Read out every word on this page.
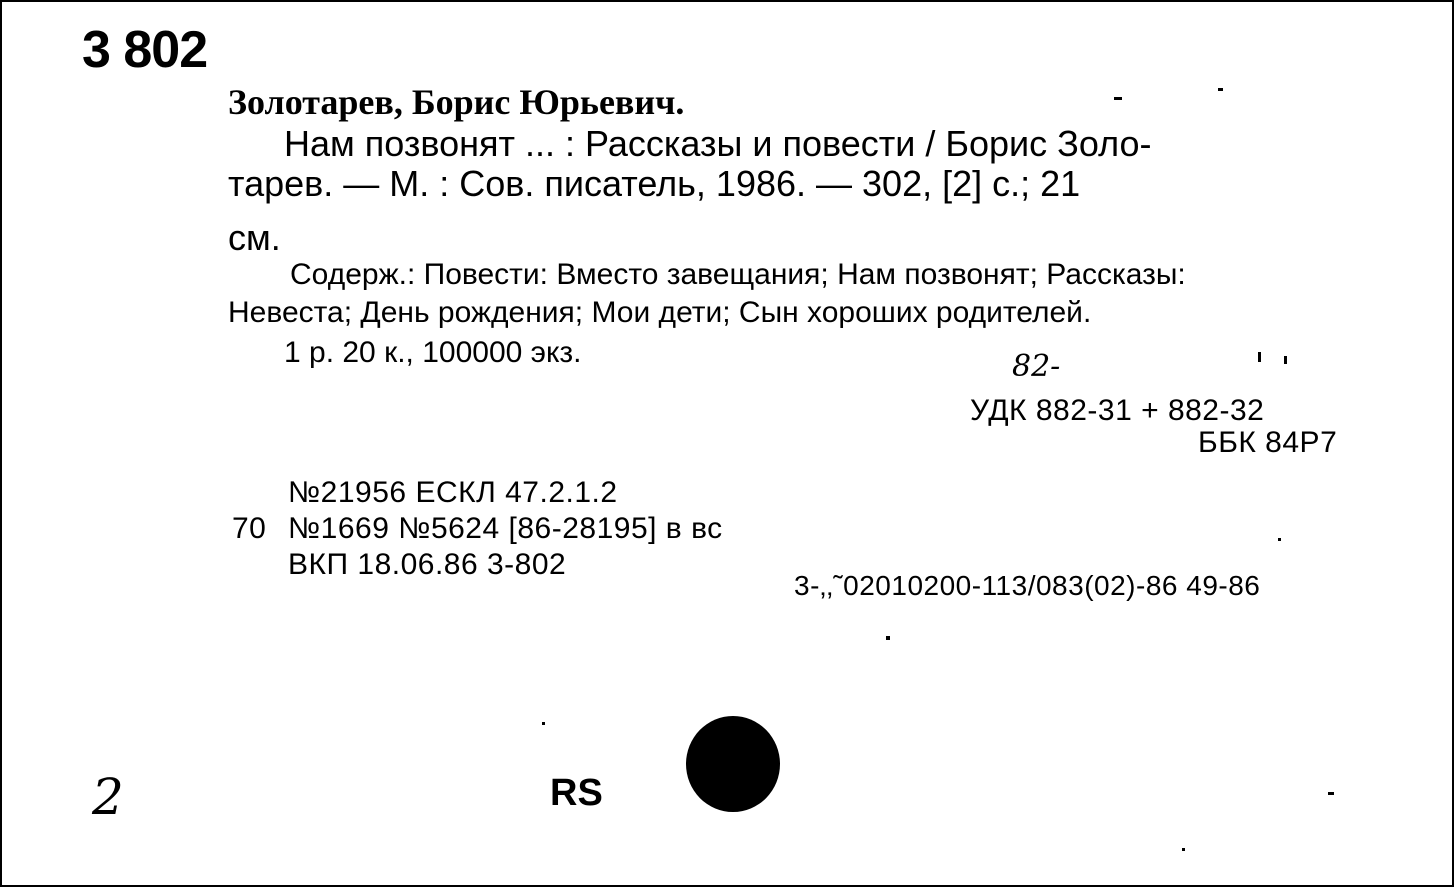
3 802
Золотарев, Борис Юрьевич.
Нам позвонят ... : Рассказы и повести / Борис Золо-
тарев. — М. : Сов. писатель, 1986. — 302, [2] с.; 21
см.
Содерж.: Повести: Вместо завещания; Нам позвонят; Рассказы:
Невеста; День рождения; Мои дети; Сын хороших родителей.
1 р. 20 к., 100000 экз.	82-
УДК 882-31 + 882-32
ББК 84Р7
№21956 ЕСКЛ 47.2.1.2
70 №1669 №5624 [86-28195] в вс
ВКП 18.06.86 3-802
3-‚‚˜02010200-113/083(02)-86 49-86
2	RS
